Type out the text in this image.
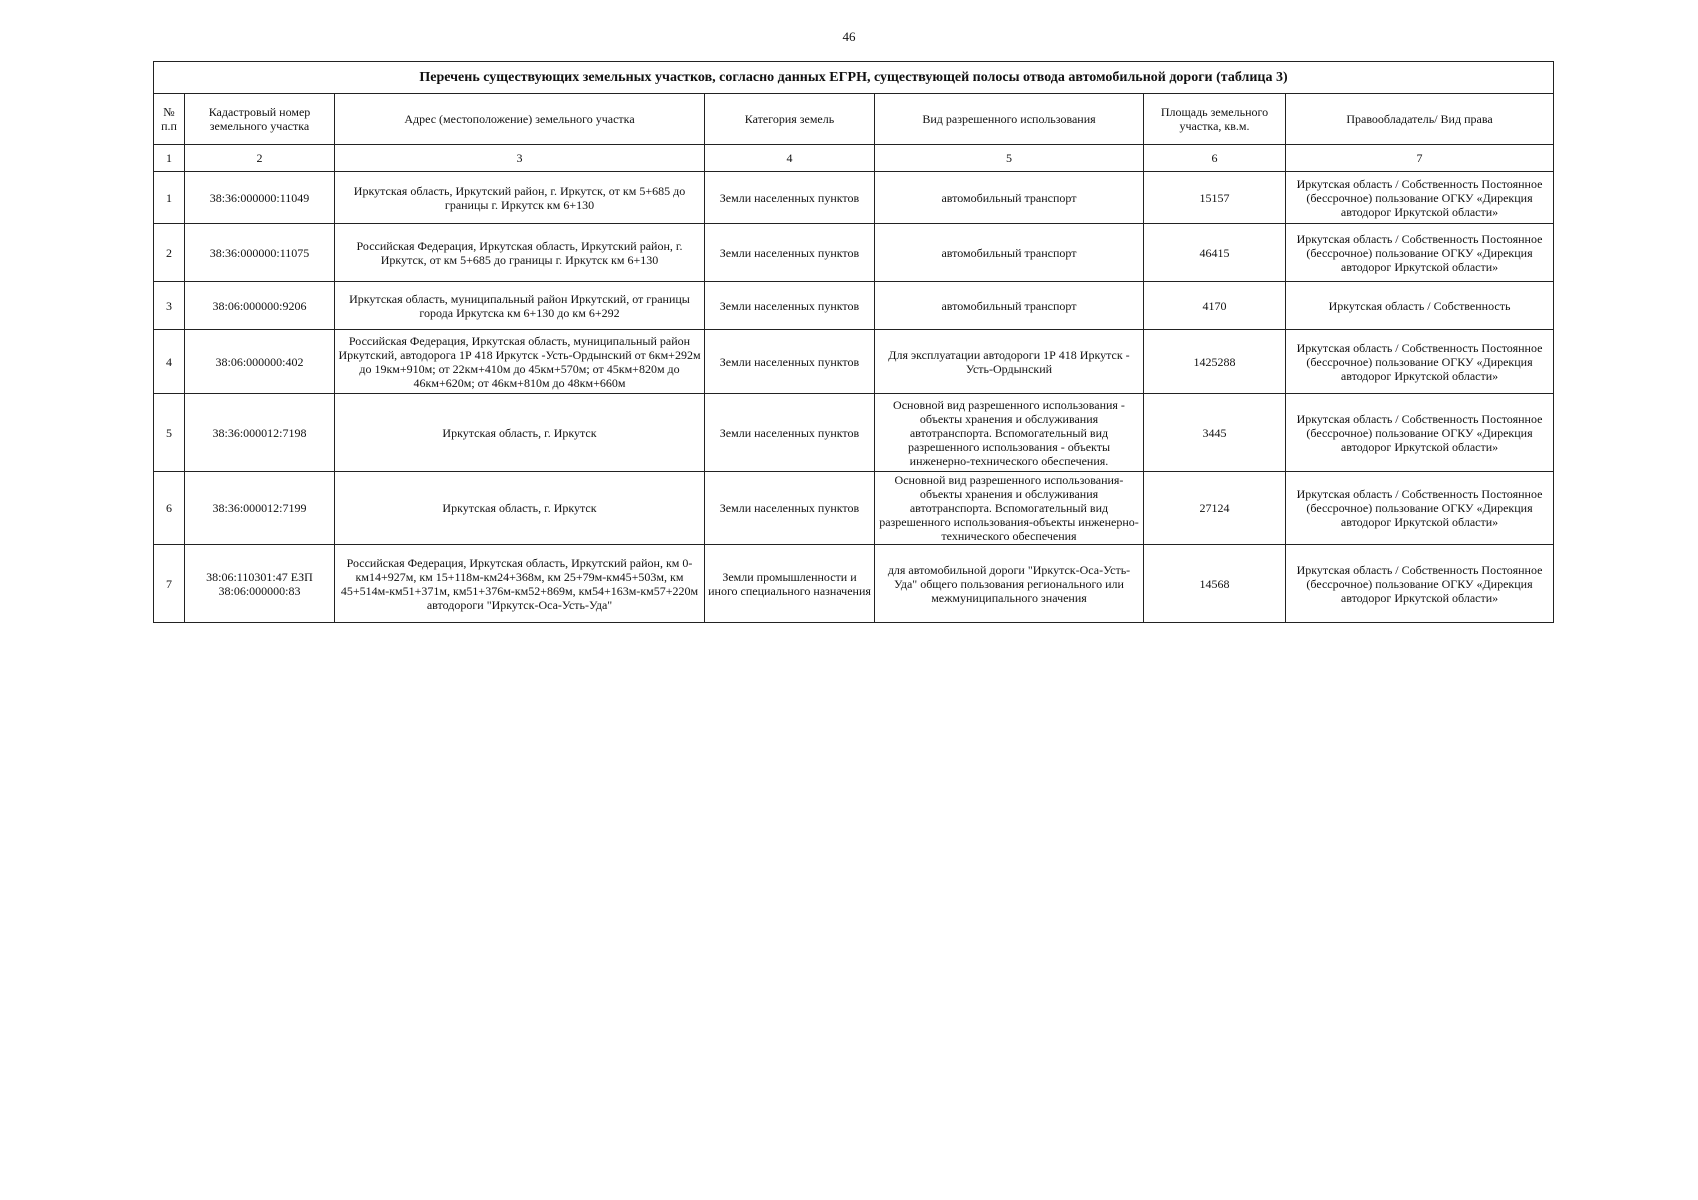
46
Перечень существующих земельных участков, согласно данных ЕГРН, существующей полосы отвода автомобильной дороги (таблица 3)						
№ п.п	Кадастровый номер земельного участка	Адрес (местоположение) земельного участка	Категория земель	Вид разрешенного использования	Площадь земельного участка, кв.м.	Правообладатель/ Вид права
1	2	3	4	5	6	7
1	38:36:000000:11049	Иркутская область, Иркутский район, г. Иркутск, от км 5+685 до границы г. Иркутск км 6+130	Земли населенных пунктов	автомобильный транспорт	15157	Иркутская область / Собственность Постоянное (бессрочное) пользование ОГКУ «Дирекция автодорог Иркутской области»
2	38:36:000000:11075	Российская Федерация, Иркутская область, Иркутский район, г. Иркутск, от км 5+685 до границы г. Иркутск км 6+130	Земли населенных пунктов	автомобильный транспорт	46415	Иркутская область / Собственность Постоянное (бессрочное) пользование ОГКУ «Дирекция автодорог Иркутской области»
3	38:06:000000:9206	Иркутская область, муниципальный район Иркутский, от границы города Иркутска км 6+130 до км 6+292	Земли населенных пунктов	автомобильный транспорт	4170	Иркутская область / Собственность
4	38:06:000000:402	Российская Федерация, Иркутская область, муниципальный район Иркутский, автодорога 1Р 418 Иркутск -Усть-Ордынский от 6км+292м до 19км+910м; от 22км+410м до 45км+570м; от 45км+820м до 46км+620м; от 46км+810м до 48км+660м	Земли населенных пунктов	Для эксплуатации автодороги 1Р 418 Иркутск - Усть-Ордынский	1425288	Иркутская область / Собственность Постоянное (бессрочное) пользование ОГКУ «Дирекция автодорог Иркутской области»
5	38:36:000012:7198	Иркутская область, г. Иркутск	Земли населенных пунктов	Основной вид разрешенного использования - объекты хранения и обслуживания автотранспорта. Вспомогательный вид разрешенного использования - объекты инженерно-технического обеспечения.	3445	Иркутская область / Собственность Постоянное (бессрочное) пользование ОГКУ «Дирекция автодорог Иркутской области»
6	38:36:000012:7199	Иркутская область, г. Иркутск	Земли населенных пунктов	Основной вид разрешенного использования-объекты хранения и обслуживания автотранспорта. Вспомогательный вид разрешенного использования-объекты инженерно-технического обеспечения	27124	Иркутская область / Собственность Постоянное (бессрочное) пользование ОГКУ «Дирекция автодорог Иркутской области»
7	38:06:110301:47 ЕЗП 38:06:000000:83	Российская Федерация, Иркутская область, Иркутский район, км 0-км14+927м, км 15+118м-км24+368м, км 25+79м-км45+503м, км 45+514м-км51+371м, км51+376м-км52+869м, км54+163м-км57+220м автодороги "Иркутск-Оса-Усть-Уда"	Земли промышленности и иного специального назначения	для автомобильной дороги "Иркутск-Оса-Усть-Уда" общего пользования регионального или межмуниципального значения	14568	Иркутская область / Собственность Постоянное (бессрочное) пользование ОГКУ «Дирекция автодорог Иркутской области»
